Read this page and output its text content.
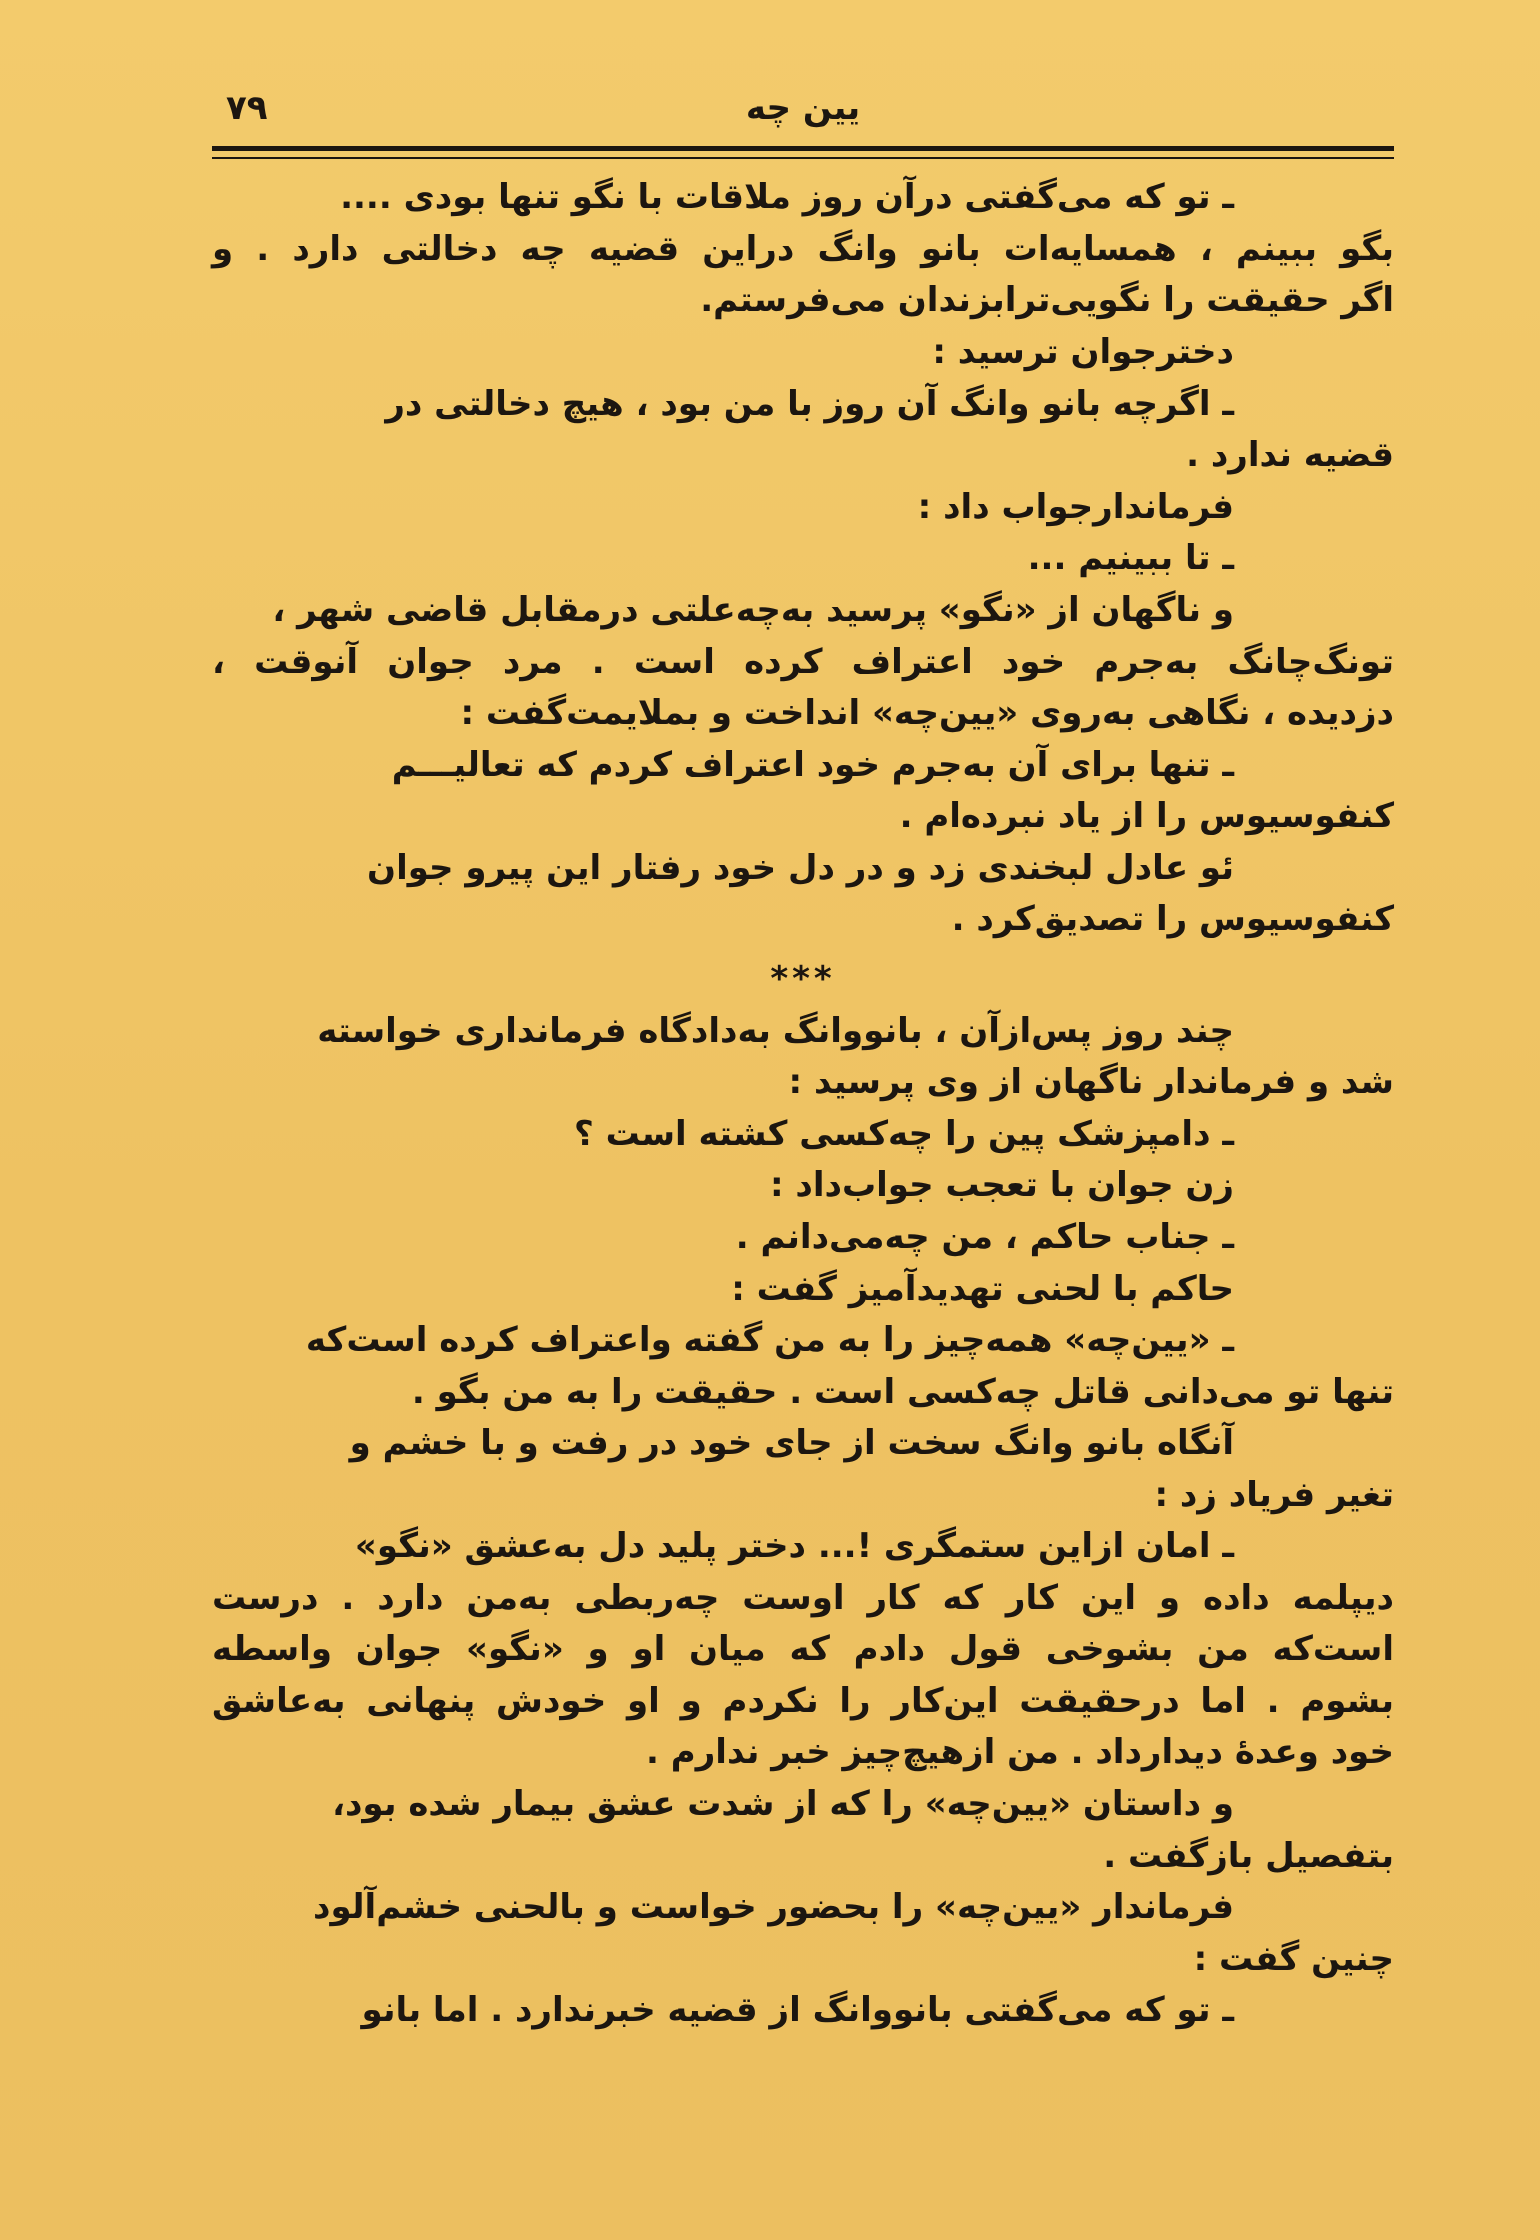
۷۹	یین چه
ـ تو که می‌گفتی درآن روز ملاقات با نگو تنها بودی ....
بگو ببینم ، همسایه‌ات بانو وانگ دراین قضیه چه دخالتی دارد . و
اگر حقیقت را نگویی‌ترابزندان می‌فرستم.
دخترجوان ترسید :
ـ اگرچه بانو وانگ آن روز با من بود ، هیچ دخالتی در
قضیه ندارد .
فرماندارجواب داد :
ـ تا ببینیم ...
و ناگهان از «نگو» پرسید به‌چه‌علتی درمقابل قاضی شهر ،
تونگ‌چانگ به‌جرم خود اعتراف کرده است . مرد جوان آنوقت ،
دزدیده ، نگاهی به‌روی «یین‌چه» انداخت و بملایمت‌گفت :
ـ تنها برای آن به‌جرم خود اعتراف کردم که تعالیـــم
کنفوسیوس را از یاد نبرده‌ام .
ئو عادل لبخندی زد و در دل خود رفتار این پیرو جوان
کنفوسیوس را تصدیق‌کرد .
***
چند روز پس‌ازآن ، بانووانگ به‌دادگاه فرمانداری خواسته
شد و فرماندار ناگهان از وی پرسید :
ـ دامپزشک پین را چه‌کسی کشته است ؟
زن جوان با تعجب جواب‌داد :
ـ جناب حاکم ، من چه‌می‌دانم .
حاکم با لحنی تهدیدآمیز گفت :
ـ «یین‌چه» همه‌چیز را به من گفته واعتراف کرده است‌که
تنها تو می‌دانی قاتل چه‌کسی است . حقیقت را به من بگو .
آنگاه بانو وانگ سخت از جای خود در رفت و با خشم و
تغیر فریاد زد :
ـ امان ازاین ستمگری !... دختر پلید دل به‌عشق «نگو»
دیپلمه داده و این کار که کار اوست چه‌ربطی به‌من دارد . درست
است‌که من بشوخی قول دادم که میان او و «نگو» جوان واسطه
بشوم . اما درحقیقت این‌کار را نکردم و او خودش پنهانی به‌عاشق
خود وعدهٔ دیدارداد . من ازهیچ‌چیز خبر ندارم .
و داستان «یین‌چه» را که از شدت عشق بیمار شده بود،
بتفصیل بازگفت .
فرماندار «یین‌چه» را بحضور خواست و بالحنی خشم‌آلود
چنین گفت :
ـ تو که می‌گفتی بانووانگ از قضیه خبرندارد . اما بانو
